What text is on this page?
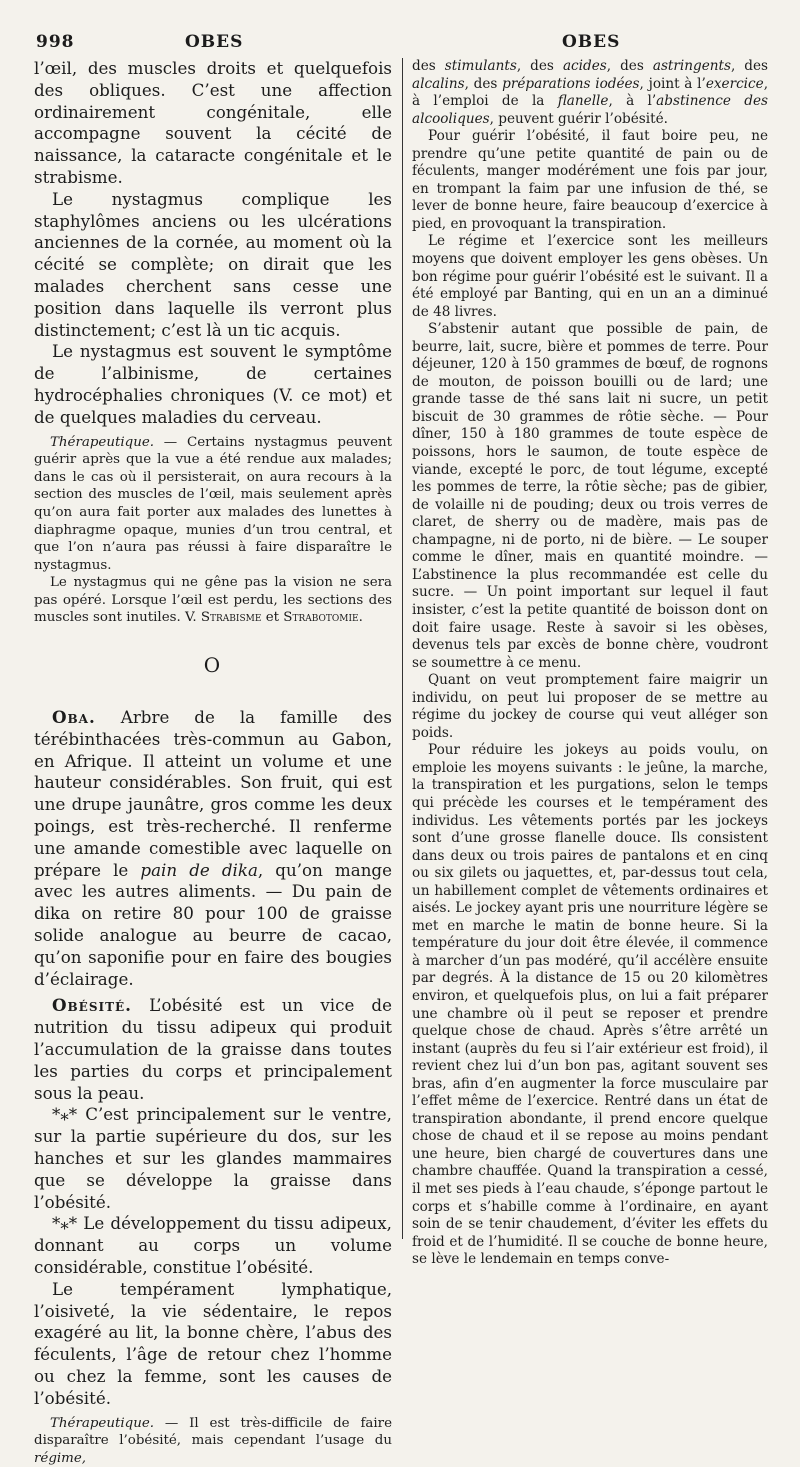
998	OBES	OBES

l’œil, des muscles droits et quelquefois des obliques. C’est une affection ordinairement congénitale, elle accompagne souvent la cécité de naissance, la cataracte congénitale et le strabisme.

Le nystagmus complique les staphylômes anciens ou les ulcérations anciennes de la cornée, au moment où la cécité se complète; on dirait que les malades cherchent sans cesse une position dans laquelle ils verront plus distinctement; c’est là un tic acquis.

Le nystagmus est souvent le symptôme de l’albinisme, de certaines hydrocéphalies chroniques (V. ce mot) et de quelques maladies du cerveau.

Thérapeutique. — Certains nystagmus peuvent guérir après que la vue a été rendue aux malades; dans le cas où il persisterait, on aura recours à la section des muscles de l’œil, mais seulement après qu’on aura fait porter aux malades des lunettes à diaphragme opaque, munies d’un trou central, et que l’on n’aura pas réussi à faire disparaître le nystagmus.

Le nystagmus qui ne gêne pas la vision ne sera pas opéré. Lorsque l’œil est perdu, les sections des muscles sont inutiles. V. Strabisme et Strabotomie.

O

Oba. Arbre de la famille des térébinthacées très-commun au Gabon, en Afrique. Il atteint un volume et une hauteur considérables. Son fruit, qui est une drupe jaunâtre, gros comme les deux poings, est très-recherché. Il renferme une amande comestible avec laquelle on prépare le pain de dika, qu’on mange avec les autres aliments. — Du pain de dika on retire 80 pour 100 de graisse solide analogue au beurre de cacao, qu’on saponifie pour en faire des bougies d’éclairage.

Obésité. L’obésité est un vice de nutrition du tissu adipeux qui produit l’accumulation de la graisse dans toutes les parties du corps et principalement sous la peau.

*⁎* C’est principalement sur le ventre, sur la partie supérieure du dos, sur les hanches et sur les glandes mammaires que se développe la graisse dans l’obésité.

*⁎* Le développement du tissu adipeux, donnant au corps un volume considérable, constitue l’obésité.

Le tempérament lymphatique, l’oisiveté, la vie sédentaire, le repos exagéré au lit, la bonne chère, l’abus des féculents, l’âge de retour chez l’homme ou chez la femme, sont les causes de l’obésité.

Thérapeutique. — Il est très-difficile de faire disparaître l’obésité, mais cependant l’usage du régime,

des stimulants, des acides, des astringents, des alcalins, des préparations iodées, joint à l’exercice, à l’emploi de la flanelle, à l’abstinence des alcooliques, peuvent guérir l’obésité.

Pour guérir l’obésité, il faut boire peu, ne prendre qu’une petite quantité de pain ou de féculents, manger modérément une fois par jour, en trompant la faim par une infusion de thé, se lever de bonne heure, faire beaucoup d’exercice à pied, en provoquant la transpiration.

Le régime et l’exercice sont les meilleurs moyens que doivent employer les gens obèses. Un bon régime pour guérir l’obésité est le suivant. Il a été employé par Banting, qui en un an a diminué de 48 livres.

S’abstenir autant que possible de pain, de beurre, lait, sucre, bière et pommes de terre. Pour déjeuner, 120 à 150 grammes de bœuf, de rognons de mouton, de poisson bouilli ou de lard; une grande tasse de thé sans lait ni sucre, un petit biscuit de 30 grammes de rôtie sèche. — Pour dîner, 150 à 180 grammes de toute espèce de poissons, hors le saumon, de toute espèce de viande, excepté le porc, de tout légume, excepté les pommes de terre, la rôtie sèche; pas de gibier, de volaille ni de pouding; deux ou trois verres de claret, de sherry ou de madère, mais pas de champagne, ni de porto, ni de bière. — Le souper comme le dîner, mais en quantité moindre. — L’abstinence la plus recommandée est celle du sucre. — Un point important sur lequel il faut insister, c’est la petite quantité de boisson dont on doit faire usage. Reste à savoir si les obèses, devenus tels par excès de bonne chère, voudront se soumettre à ce menu.

Quant on veut promptement faire maigrir un individu, on peut lui proposer de se mettre au régime du jockey de course qui veut alléger son poids.

Pour réduire les jokeys au poids voulu, on emploie les moyens suivants : le jeûne, la marche, la transpiration et les purgations, selon le temps qui précède les courses et le tempérament des individus. Les vêtements portés par les jockeys sont d’une grosse flanelle douce. Ils consistent dans deux ou trois paires de pantalons et en cinq ou six gilets ou jaquettes, et, par-dessus tout cela, un habillement complet de vêtements ordinaires et aisés. Le jockey ayant pris une nourriture légère se met en marche le matin de bonne heure. Si la température du jour doit être élevée, il commence à marcher d’un pas modéré, qu’il accélère ensuite par degrés. À la distance de 15 ou 20 kilomètres environ, et quelquefois plus, on lui a fait préparer une chambre où il peut se reposer et prendre quelque chose de chaud. Après s’être arrêté un instant (auprès du feu si l’air extérieur est froid), il revient chez lui d’un bon pas, agitant souvent ses bras, afin d’en augmenter la force musculaire par l’effet même de l’exercice. Rentré dans un état de transpiration abondante, il prend encore quelque chose de chaud et il se repose au moins pendant une heure, bien chargé de couvertures dans une chambre chauffée. Quand la transpiration a cessé, il met ses pieds à l’eau chaude, s’éponge partout le corps et s’habille comme à l’ordinaire, en ayant soin de se tenir chaudement, d’éviter les effets du froid et de l’humidité. Il se couche de bonne heure, se lève le lendemain en temps conve-
